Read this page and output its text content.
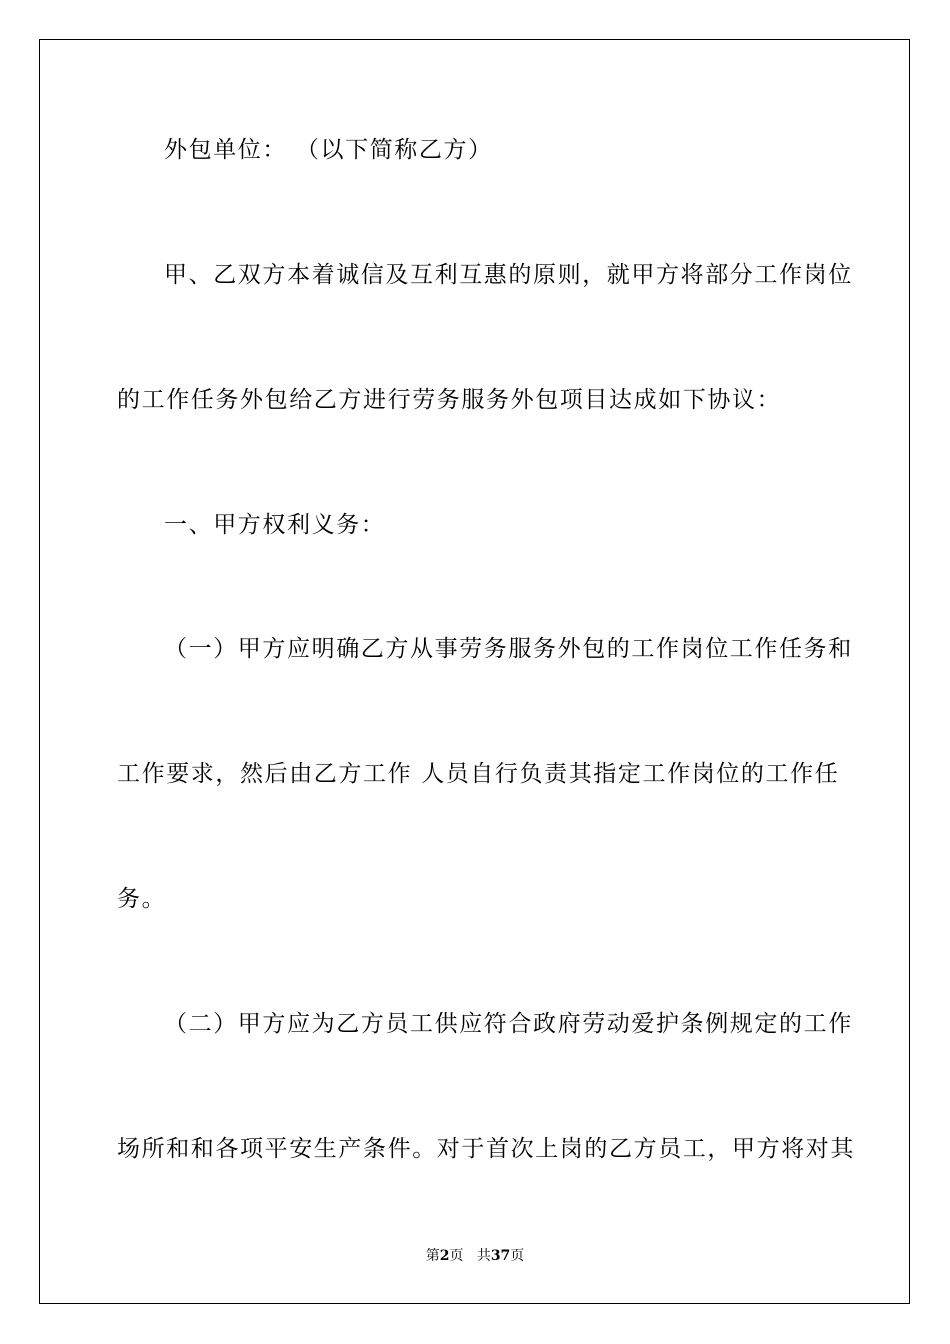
外包单位： （以下简称乙方）
甲、乙双方本着诚信及互利互惠的原则，就甲方将部分工作岗位
的工作任务外包给乙方进行劳务服务外包项目达成如下协议：
一、甲方权利义务：
（一）甲方应明确乙方从事劳务服务外包的工作岗位工作任务和
工作要求，然后由乙方工作 人员自行负责其指定工作岗位的工作任
务。
（二）甲方应为乙方员工供应符合政府劳动爱护条例规定的工作
场所和和各项平安生产条件。对于首次上岗的乙方员工，甲方将对其
第2页 共37页
